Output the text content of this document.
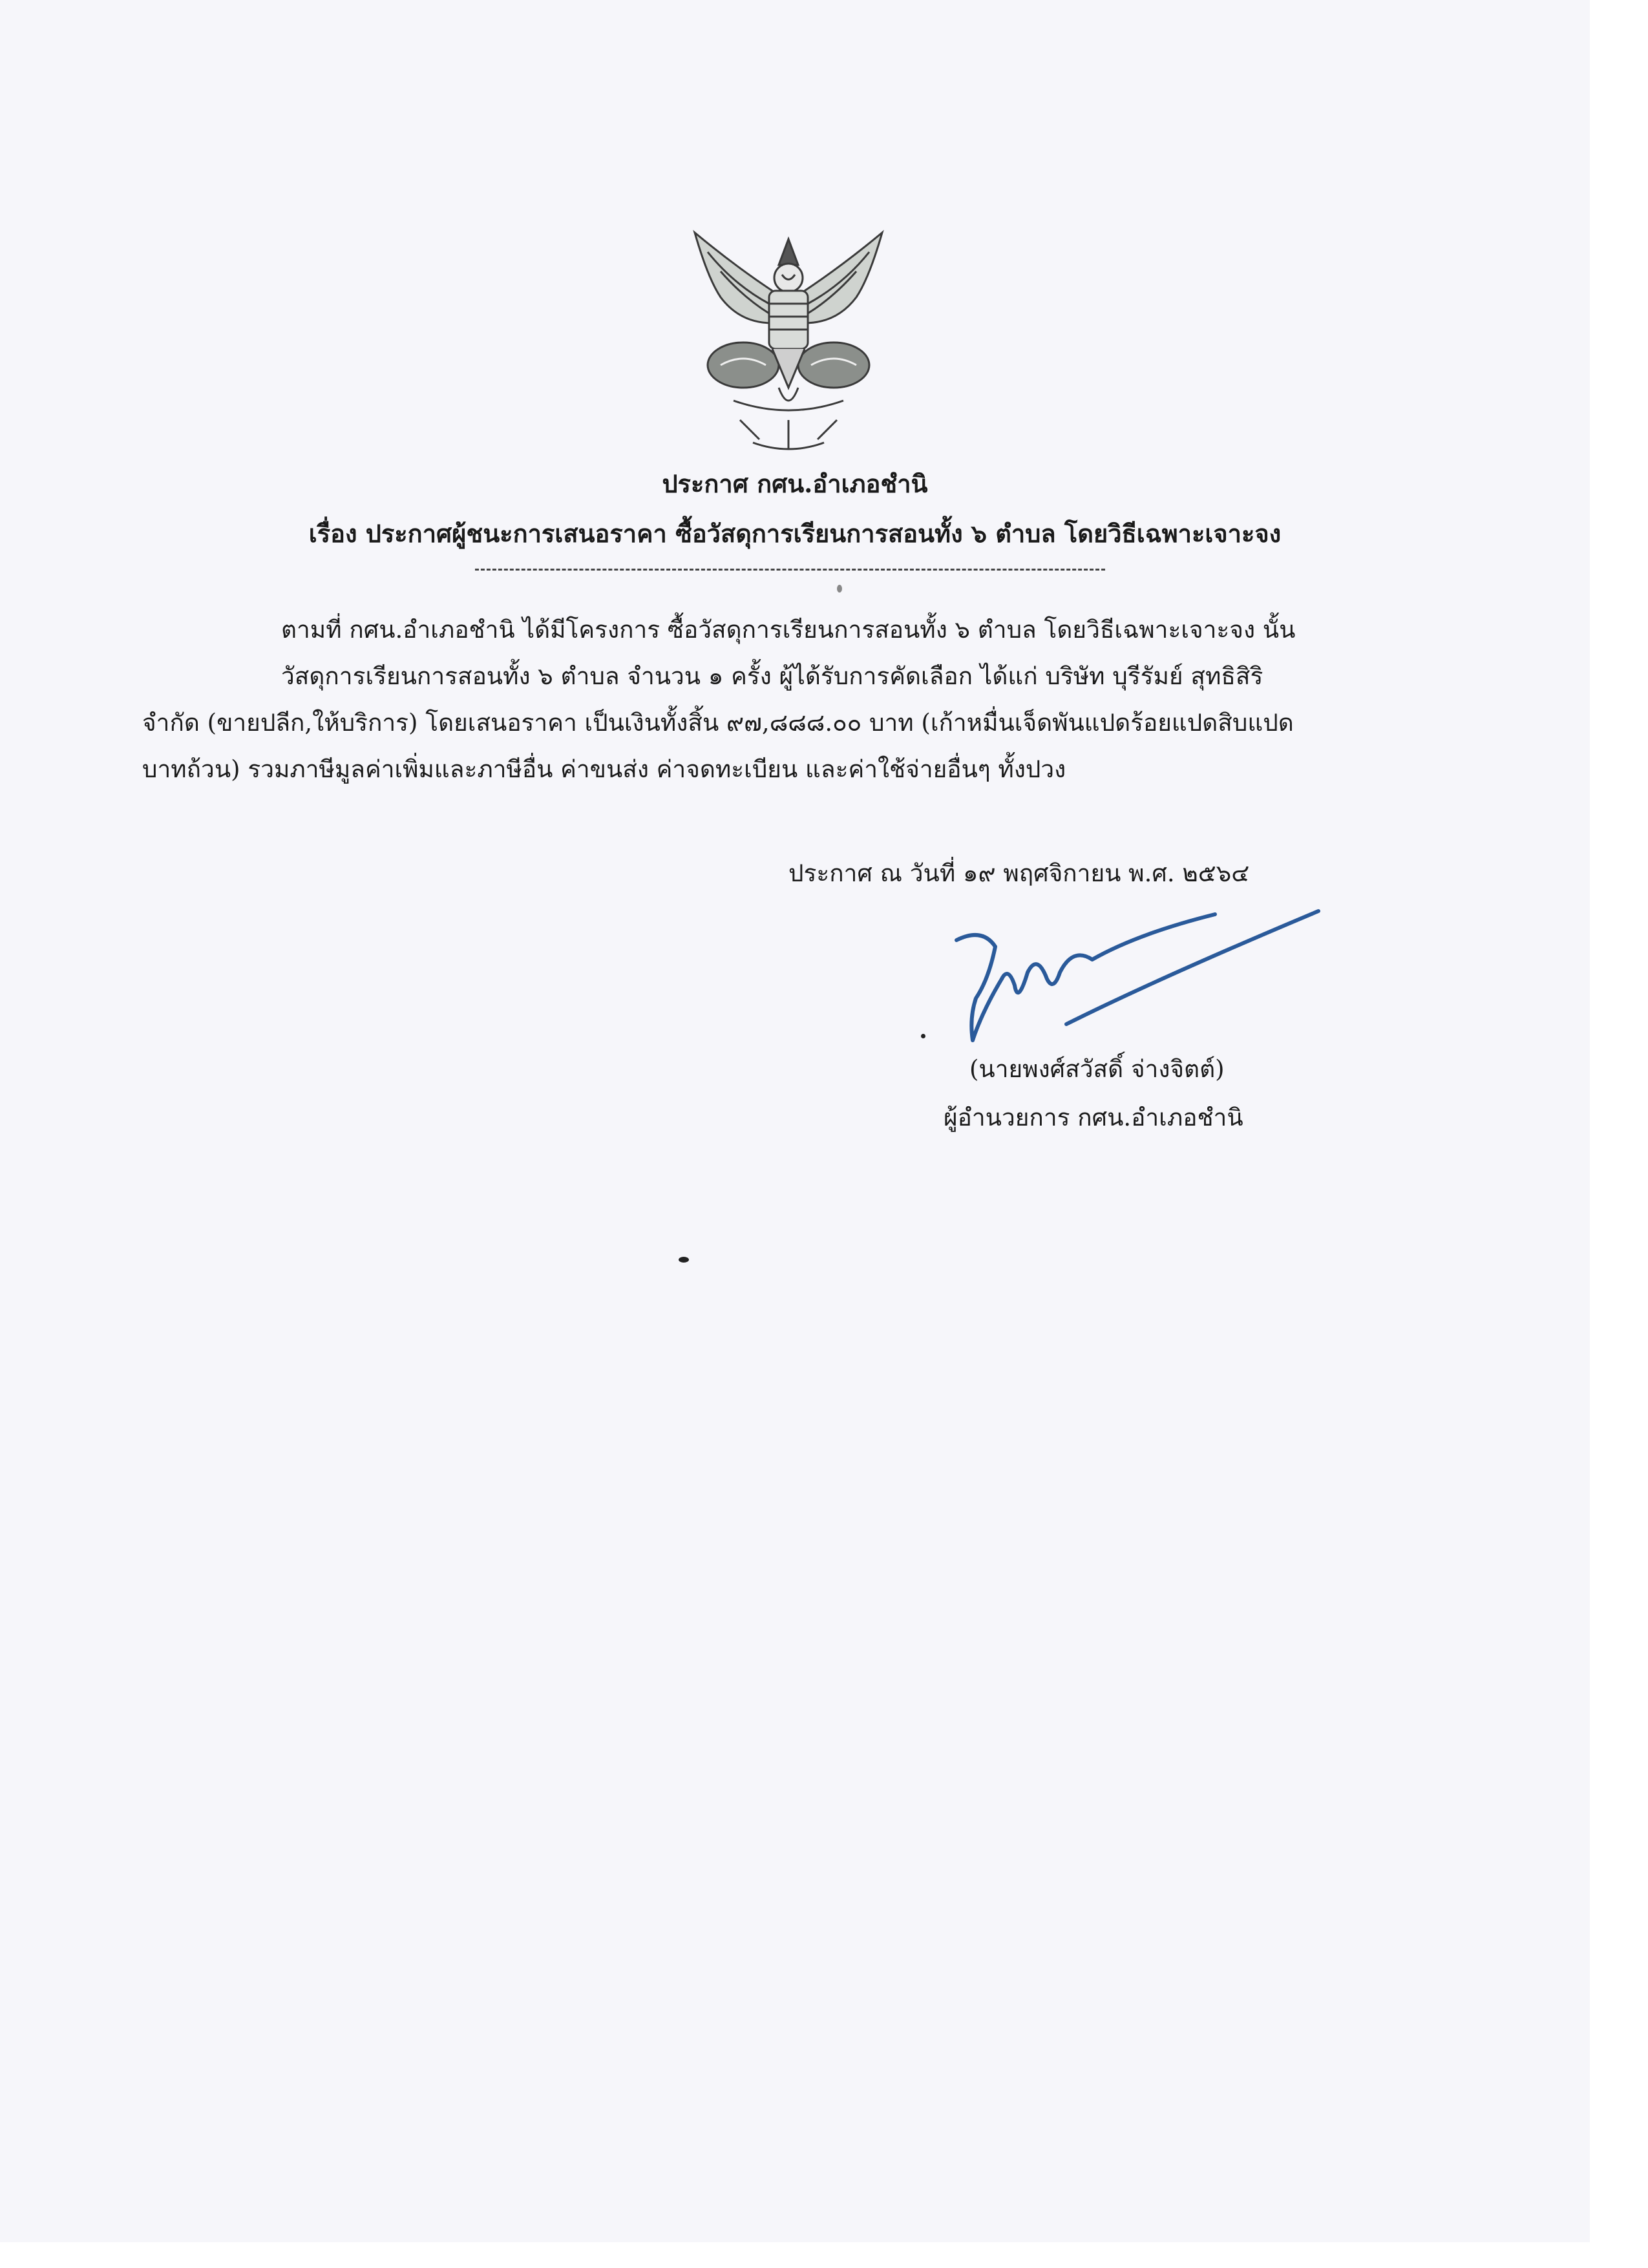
ประกาศ กศน.อำเภอชำนิ
เรื่อง ประกาศผู้ชนะการเสนอราคา ซื้อวัสดุการเรียนการสอนทั้ง ๖ ตำบล โดยวิธีเฉพาะเจาะจง
ตามที่ กศน.อำเภอชำนิ ได้มีโครงการ ซื้อวัสดุการเรียนการสอนทั้ง ๖ ตำบล โดยวิธีเฉพาะเจาะจง นั้น
วัสดุการเรียนการสอนทั้ง ๖ ตำบล จำนวน ๑ ครั้ง ผู้ได้รับการคัดเลือก ได้แก่ บริษัท บุรีรัมย์ สุทธิสิริ
จำกัด (ขายปลีก,ให้บริการ) โดยเสนอราคา เป็นเงินทั้งสิ้น ๙๗,๘๘๘.๐๐ บาท (เก้าหมื่นเจ็ดพันแปดร้อยแปดสิบแปด
บาทถ้วน) รวมภาษีมูลค่าเพิ่มและภาษีอื่น ค่าขนส่ง ค่าจดทะเบียน และค่าใช้จ่ายอื่นๆ ทั้งปวง
ประกาศ ณ วันที่ ๑๙ พฤศจิกายน พ.ศ. ๒๕๖๔
(นายพงศ์สวัสดิ์ จ่างจิตต์)
ผู้อำนวยการ กศน.อำเภอชำนิ
